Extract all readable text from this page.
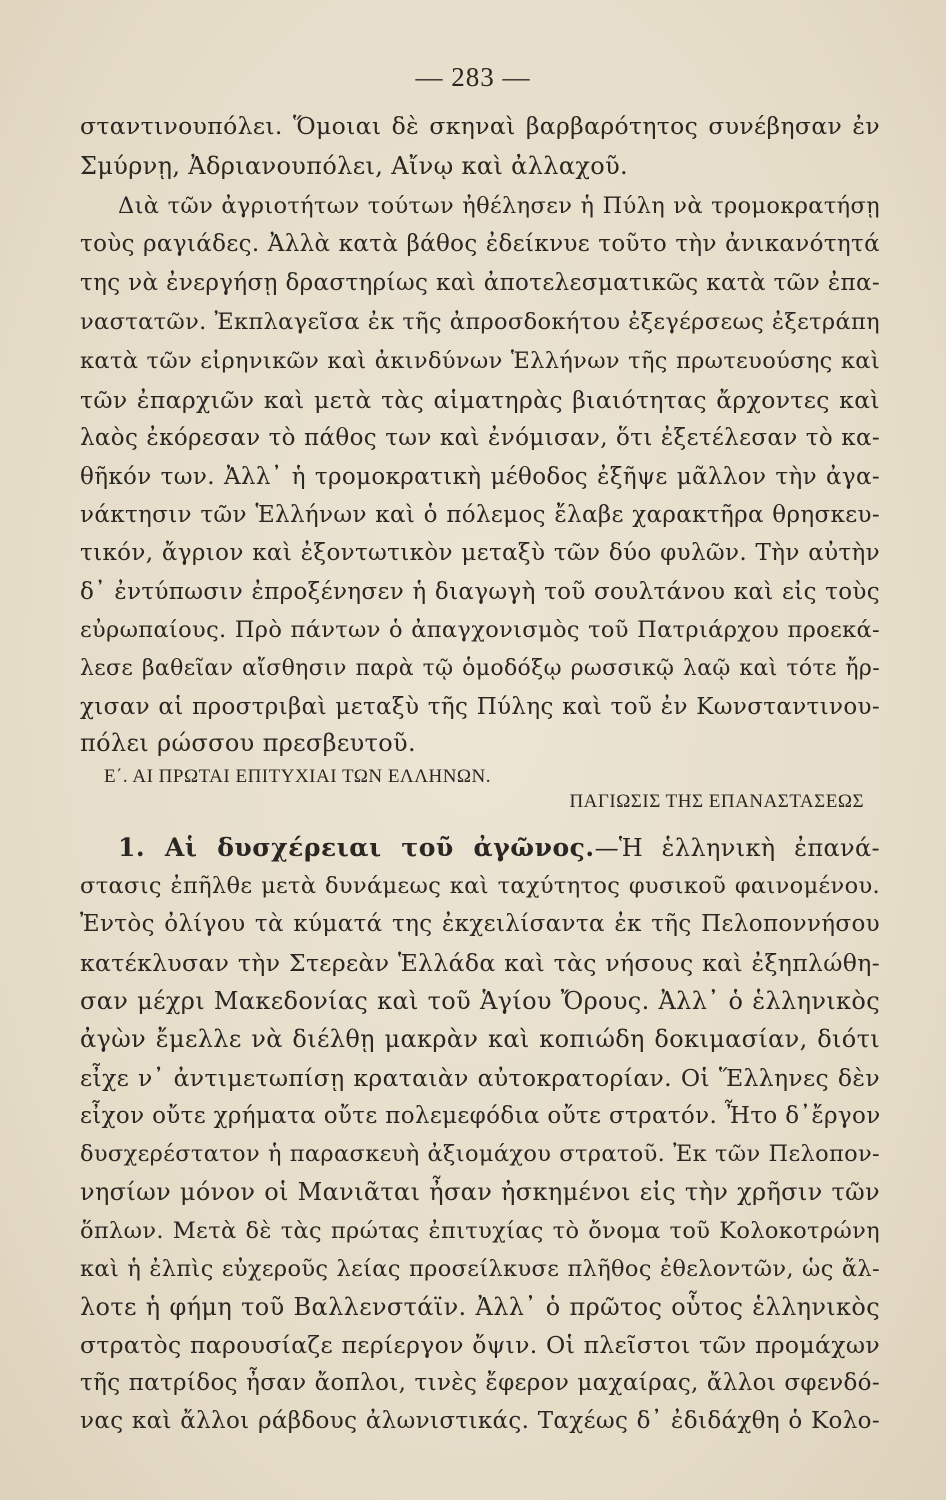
— 283 —
σταντινουπόλει. Ὅμοιαι δὲ σκηναὶ βαρβαρότητος συνέβησαν ἐν
Σμύρνῃ, Ἀδριανουπόλει, Αἴνῳ καὶ ἀλλαχοῦ.
Διὰ τῶν ἀγριοτήτων τούτων ἠθέλησεν ἡ Πύλη νὰ τρομοκρατήσῃ
τοὺς ραγιάδες. Ἀλλὰ κατὰ βάθος ἐδείκνυε τοῦτο τὴν ἀνικανότητά
της νὰ ἐνεργήσῃ δραστηρίως καὶ ἀποτελεσματικῶς κατὰ τῶν ἐπα-
ναστατῶν. Ἐκπλαγεῖσα ἐκ τῆς ἀπροσδοκήτου ἐξεγέρσεως ἐξετράπη
κατὰ τῶν εἰρηνικῶν καὶ ἀκινδύνων Ἑλλήνων τῆς πρωτευούσης καὶ
τῶν ἐπαρχιῶν καὶ μετὰ τὰς αἱματηρὰς βιαιότητας ἄρχοντες καὶ
λαὸς ἐκόρεσαν τὸ πάθος των καὶ ἐνόμισαν, ὅτι ἐξετέλεσαν τὸ κα-
θῆκόν των. Ἀλλ᾽ ἡ τρομοκρατικὴ μέθοδος ἐξῆψε μᾶλλον τὴν ἀγα-
νάκτησιν τῶν Ἑλλήνων καὶ ὁ πόλεμος ἔλαβε χαρακτῆρα θρησκευ-
τικόν, ἄγριον καὶ ἐξοντωτικὸν μεταξὺ τῶν δύο φυλῶν. Τὴν αὐτὴν
δ᾽ ἐντύπωσιν ἐπροξένησεν ἡ διαγωγὴ τοῦ σουλτάνου καὶ εἰς τοὺς
εὐρωπαίους. Πρὸ πάντων ὁ ἀπαγχονισμὸς τοῦ Πατριάρχου προεκά-
λεσε βαθεῖαν αἴσθησιν παρὰ τῷ ὁμοδόξῳ ρωσσικῷ λαῷ καὶ τότε ἤρ-
χισαν αἱ προστριβαὶ μεταξὺ τῆς Πύλης καὶ τοῦ ἐν Κωνσταντινου-
πόλει ρώσσου πρεσβευτοῦ.
Ε΄. ΑΙ ΠΡΩΤΑΙ ΕΠΙΤΥΧΙΑΙ ΤΩΝ ΕΛΛΗΝΩΝ.
ΠΑΓΙΩΣΙΣ ΤΗΣ ΕΠΑΝΑΣΤΑΣΕΩΣ
1. Αἱ δυσχέρειαι τοῦ ἀγῶνος.—Ἡ ἑλληνικὴ ἐπανά-
στασις ἐπῆλθε μετὰ δυνάμεως καὶ ταχύτητος φυσικοῦ φαινομένου.
Ἐντὸς ὀλίγου τὰ κύματά της ἐκχειλίσαντα ἐκ τῆς Πελοποννήσου
κατέκλυσαν τὴν Στερεὰν Ἑλλάδα καὶ τὰς νήσους καὶ ἐξηπλώθη-
σαν μέχρι Μακεδονίας καὶ τοῦ Ἁγίου Ὄρους. Ἀλλ᾽ ὁ ἑλληνικὸς
ἀγὼν ἔμελλε νὰ διέλθῃ μακρὰν καὶ κοπιώδη δοκιμασίαν, διότι
εἶχε ν᾽ ἀντιμετωπίσῃ κραταιὰν αὐτοκρατορίαν. Οἱ Ἕλληνες δὲν
εἶχον οὔτε χρήματα οὔτε πολεμεφόδια οὔτε στρατόν. Ἦτο δ᾽ἔργον
δυσχερέστατον ἡ παρασκευὴ ἀξιομάχου στρατοῦ. Ἐκ τῶν Πελοπον-
νησίων μόνον οἱ Μανιᾶται ἦσαν ἠσκημένοι εἰς τὴν χρῆσιν τῶν
ὅπλων. Μετὰ δὲ τὰς πρώτας ἐπιτυχίας τὸ ὄνομα τοῦ Κολοκοτρώνη
καὶ ἡ ἐλπὶς εὐχεροῦς λείας προσείλκυσε πλῆθος ἐθελοντῶν, ὡς ἄλ-
λοτε ἡ φήμη τοῦ Βαλλενστάϊν. Ἀλλ᾽ ὁ πρῶτος οὗτος ἑλληνικὸς
στρατὸς παρουσίαζε περίεργον ὄψιν. Οἱ πλεῖστοι τῶν προμάχων
τῆς πατρίδος ἦσαν ἄοπλοι, τινὲς ἔφερον μαχαίρας, ἄλλοι σφενδό-
νας καὶ ἄλλοι ράβδους ἀλωνιστικάς. Ταχέως δ᾽ ἐδιδάχθη ὁ Κολο-
